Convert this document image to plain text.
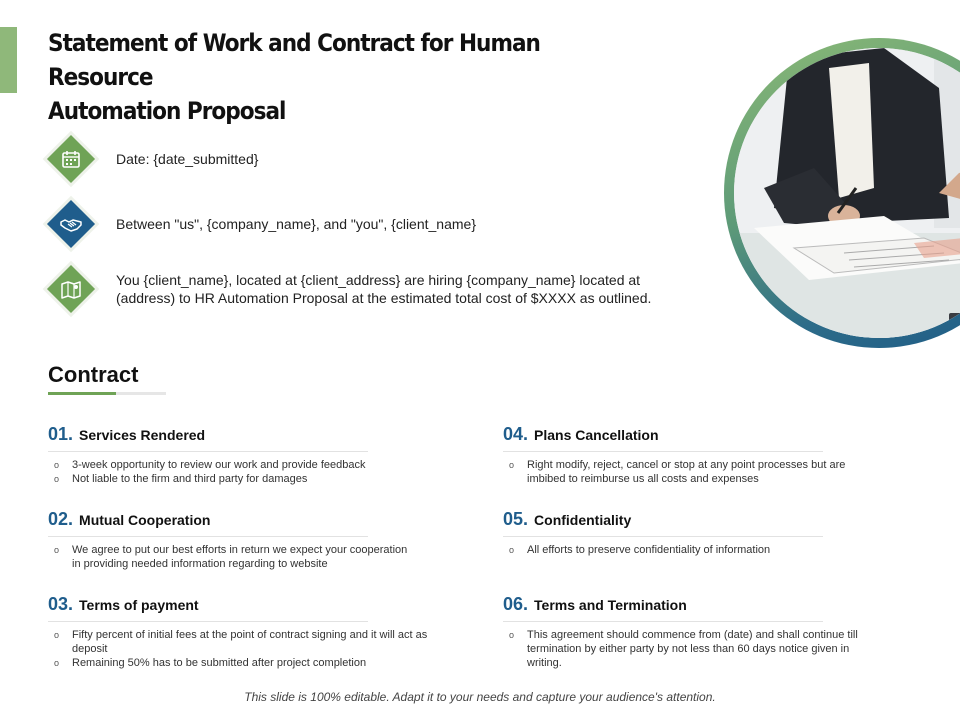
Statement of Work and Contract for Human Resource
Automation Proposal
Date: {date_submitted}
Between "us", {company_name}, and "you", {client_name}
You {client_name}, located at {client_address} are hiring {company_name} located at
(address) to HR Automation Proposal at the estimated total cost of $XXXX as outlined.
Contract
01. Services Rendered
o 3-week opportunity to review our work and provide feedback
o Not liable to the firm and third party for damages
02. Mutual Cooperation
o We agree to put our best efforts in return we expect your cooperation in providing needed information regarding to website
03. Terms of payment
o Fifty percent of initial fees at the point of contract signing and it will act as deposit
o Remaining 50% has to be submitted after project completion
04. Plans Cancellation
o Right modify, reject, cancel or stop at any point processes but are imbibed to reimburse us all costs and expenses
05. Confidentiality
o All efforts to preserve confidentiality of information
06. Terms and Termination
o This agreement should commence from (date) and shall continue till termination by either party by not less than 60 days notice given in writing.
This slide is 100% editable. Adapt it to your needs and capture your audience's attention.
